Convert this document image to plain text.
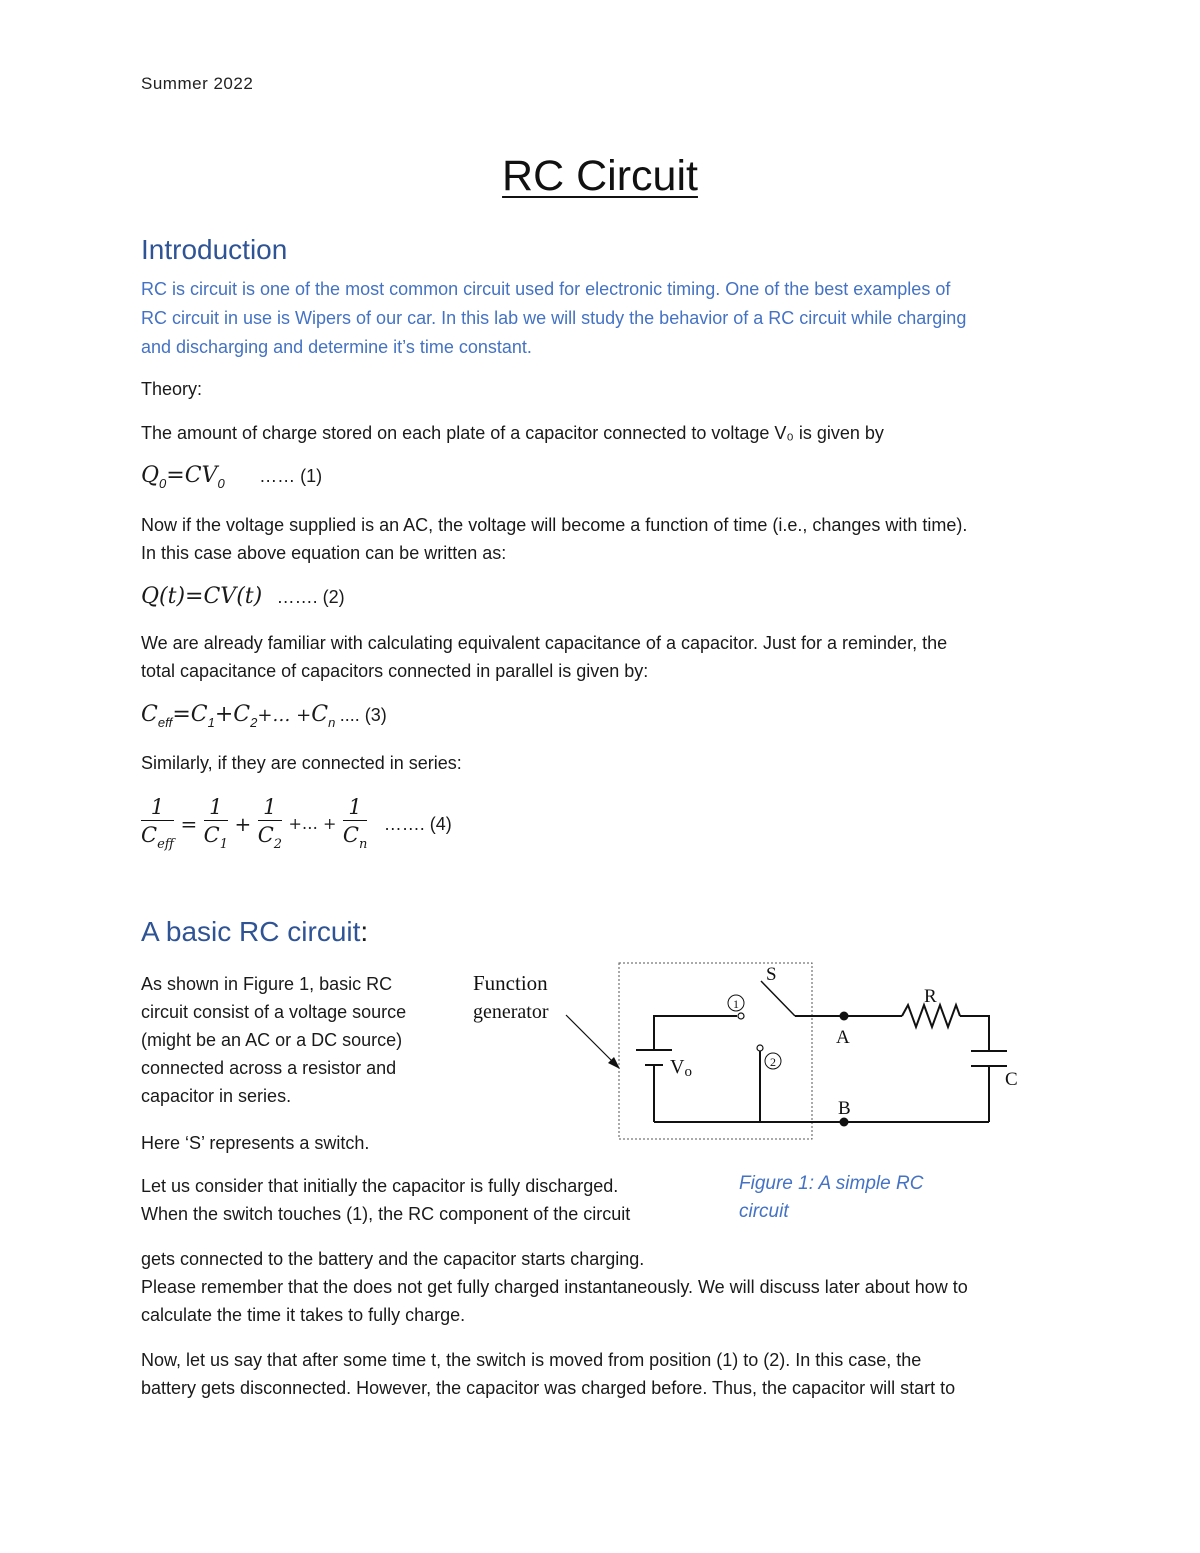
Summer 2022
RC Circuit
Introduction
RC is circuit is one of the most common circuit used for electronic timing. One of the best examples of
RC circuit in use is Wipers of our car. In this lab we will study the behavior of a RC circuit while charging
and discharging and determine it’s time constant.
Theory:
The amount of charge stored on each plate of a capacitor connected to voltage V₀ is given by
$Q_0=CV_0$ …… (1)
Now if the voltage supplied is an AC, the voltage will become a function of time (i.e., changes with time).
In this case above equation can be written as:
Q(t)=CV(t) ……. (2)
We are already familiar with calculating equivalent capacitance of a capacitor. Just for a reminder, the
total capacitance of capacitors connected in parallel is given by:
$C_{eff}=C_1+C_2+\dots +C_n$ .... (3)
Similarly, if they are connected in series:
$\frac{1}{C_{eff}} = \frac{1}{C_1} + \frac{1}{C_2}$ +… + $\frac{1}{C_n}$ ……. (4)
A basic RC circuit:
As shown in Figure 1, basic RC
circuit consist of a voltage source
(might be an AC or a DC source)
connected across a resistor and
capacitor in series.
Here ‘S’ represents a switch.
Function
generator
Vo
1
2
S
A
R
C
B
Figure 1: A simple RC
circuit
Let us consider that initially the capacitor is fully discharged.
When the switch touches (1), the RC component of the circuit
gets connected to the battery and the capacitor starts charging.
Please remember that the does not get fully charged instantaneously. We will discuss later about how to
calculate the time it takes to fully charge.
Now, let us say that after some time t, the switch is moved from position (1) to (2). In this case, the
battery gets disconnected. However, the capacitor was charged before. Thus, the capacitor will start to
